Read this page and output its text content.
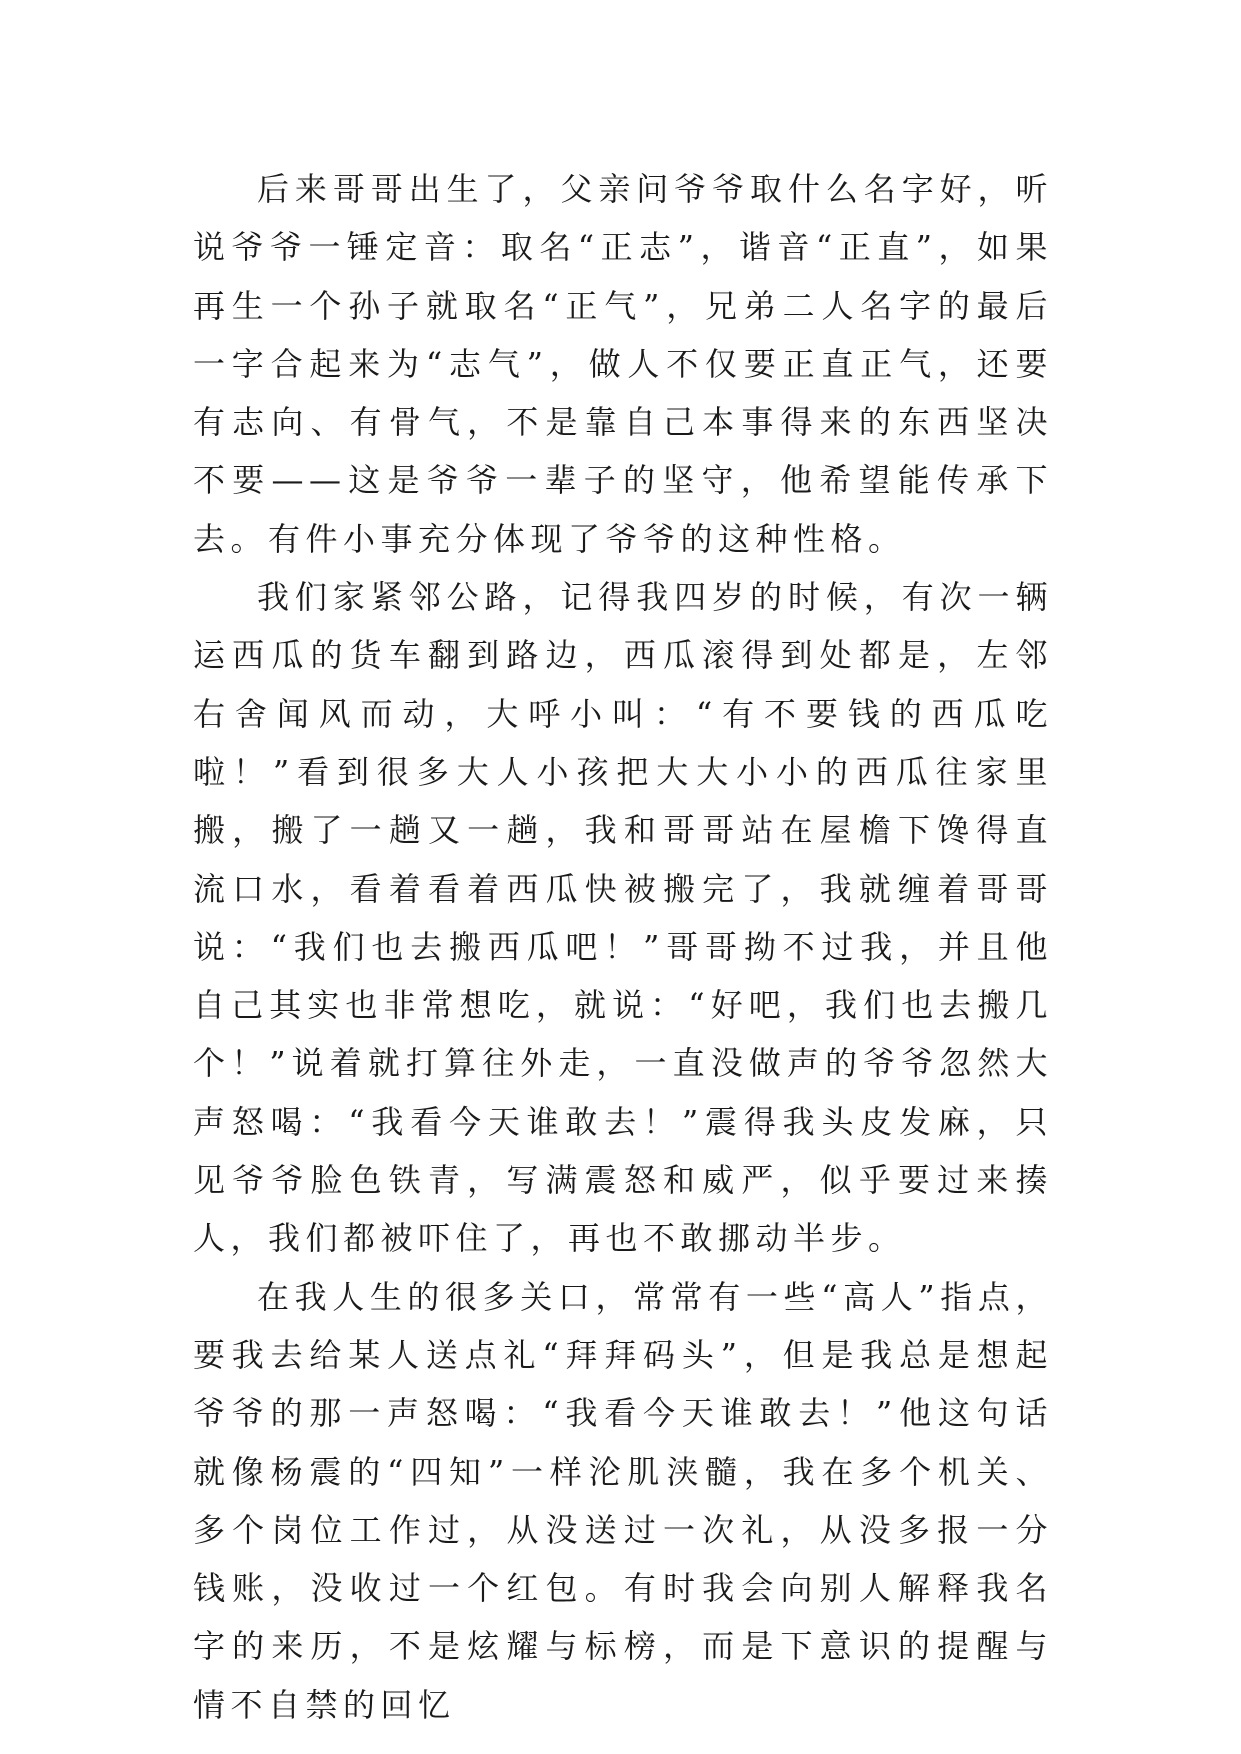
后来哥哥出生了，父亲问爷爷取什么名字好，听说爷爷一锤定音：取名“正志”，谐音“正直”，如果再生一个孙子就取名“正气”，兄弟二人名字的最后一字合起来为“志气”，做人不仅要正直正气，还要有志向、有骨气，不是靠自己本事得来的东西坚决不要——这是爷爷一辈子的坚守，他希望能传承下去。有件小事充分体现了爷爷的这种性格。

我们家紧邻公路，记得我四岁的时候，有次一辆运西瓜的货车翻到路边，西瓜滚得到处都是，左邻右舍闻风而动，大呼小叫：“有不要钱的西瓜吃啦！”看到很多大人小孩把大大小小的西瓜往家里搬，搬了一趟又一趟，我和哥哥站在屋檐下馋得直流口水，看着看着西瓜快被搬完了，我就缠着哥哥说：“我们也去搬西瓜吧！”哥哥拗不过我，并且他自己其实也非常想吃，就说：“好吧，我们也去搬几个！”说着就打算往外走，一直没做声的爷爷忽然大声怒喝：“我看今天谁敢去！”震得我头皮发麻，只见爷爷脸色铁青，写满震怒和威严，似乎要过来揍人，我们都被吓住了，再也不敢挪动半步。

在我人生的很多关口，常常有一些“高人”指点，要我去给某人送点礼“拜拜码头”，但是我总是想起爷爷的那一声怒喝：“我看今天谁敢去！”他这句话就像杨震的“四知”一样沦肌浃髓，我在多个机关、多个岗位工作过，从没送过一次礼，从没多报一分钱账，没收过一个红包。有时我会向别人解释我名字的来历，不是炫耀与标榜，而是下意识的提醒与情不自禁的回忆
